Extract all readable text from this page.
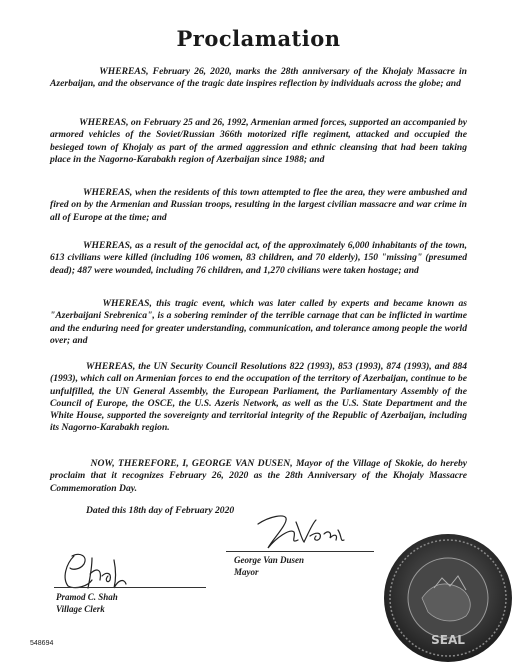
Proclamation

WHEREAS, February 26, 2020, marks the 28th anniversary of the Khojaly Massacre in Azerbaijan, and the observance of the tragic date inspires reflection by individuals across the globe; and

WHEREAS, on February 25 and 26, 1992, Armenian armed forces, supported an accompanied by armored vehicles of the Soviet/Russian 366th motorized rifle regiment, attacked and occupied the besieged town of Khojaly as part of the armed aggression and ethnic cleansing that had been taking place in the Nagorno-Karabakh region of Azerbaijan since 1988; and

WHEREAS, when the residents of this town attempted to flee the area, they were ambushed and fired on by the Armenian and Russian troops, resulting in the largest civilian massacre and war crime in all of Europe at the time; and

WHEREAS, as a result of the genocidal act, of the approximately 6,000 inhabitants of the town, 613 civilians were killed (including 106 women, 83 children, and 70 elderly), 150 "missing" (presumed dead); 487 were wounded, including 76 children, and 1,270 civilians were taken hostage; and

WHEREAS, this tragic event, which was later called by experts and became known as "Azerbaijani Srebrenica", is a sobering reminder of the terrible carnage that can be inflicted in wartime and the enduring need for greater understanding, communication, and tolerance among people the world over; and

WHEREAS, the UN Security Council Resolutions 822 (1993), 853 (1993), 874 (1993), and 884 (1993), which call on Armenian forces to end the occupation of the territory of Azerbaijan, continue to be unfulfilled, the UN General Assembly, the European Parliament, the Parliamentary Assembly of the Council of Europe, the OSCE, the U.S. Azeris Network, as well as the U.S. State Department and the White House, supported the sovereignty and territorial integrity of the Republic of Azerbaijan, including its Nagorno-Karabakh region.

NOW, THEREFORE, I, GEORGE VAN DUSEN, Mayor of the Village of Skokie, do hereby proclaim that it recognizes February 26, 2020 as the 28th Anniversary of the Khojaly Massacre Commemoration Day.

Dated this 18th day of February 2020
George Van Dusen
Mayor
Pramod C. Shah
Village Clerk
SEAL
548694
